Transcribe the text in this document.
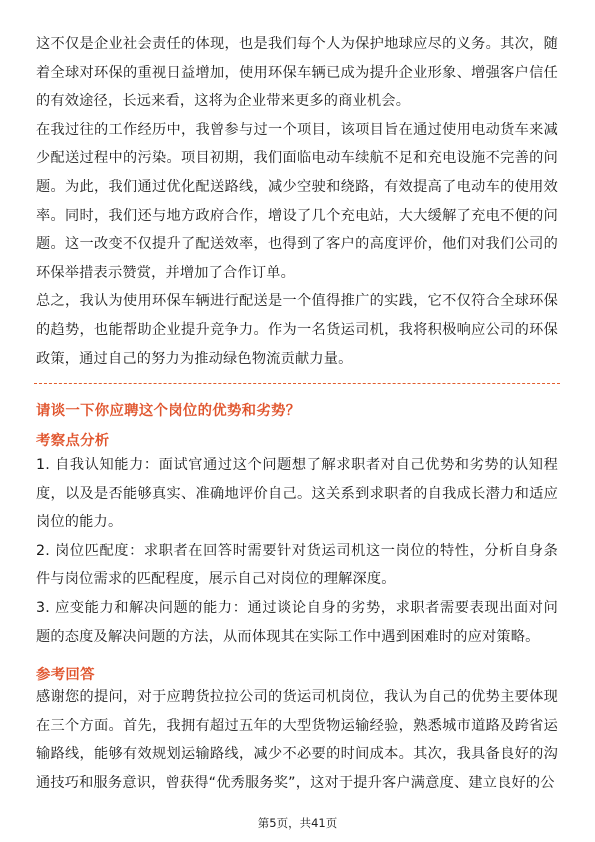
这不仅是企业社会责任的体现，也是我们每个人为保护地球应尽的义务。其次，随着全球对环保的重视日益增加，使用环保车辆已成为提升企业形象、增强客户信任的有效途径，长远来看，这将为企业带来更多的商业机会。

在我过往的工作经历中，我曾参与过一个项目，该项目旨在通过使用电动货车来减少配送过程中的污染。项目初期，我们面临电动车续航不足和充电设施不完善的问题。为此，我们通过优化配送路线，减少空驶和绕路，有效提高了电动车的使用效率。同时，我们还与地方政府合作，增设了几个充电站，大大缓解了充电不便的问题。这一改变不仅提升了配送效率，也得到了客户的高度评价，他们对我们公司的环保举措表示赞赏，并增加了合作订单。

总之，我认为使用环保车辆进行配送是一个值得推广的实践，它不仅符合全球环保的趋势，也能帮助企业提升竞争力。作为一名货运司机，我将积极响应公司的环保政策，通过自己的努力为推动绿色物流贡献力量。

请谈一下你应聘这个岗位的优势和劣势？
考察点分析

1. 自我认知能力：面试官通过这个问题想了解求职者对自己优势和劣势的认知程度，以及是否能够真实、准确地评价自己。这关系到求职者的自我成长潜力和适应岗位的能力。

2. 岗位匹配度：求职者在回答时需要针对货运司机这一岗位的特性，分析自身条件与岗位需求的匹配程度，展示自己对岗位的理解深度。

3. 应变能力和解决问题的能力：通过谈论自身的劣势，求职者需要表现出面对问题的态度及解决问题的方法，从而体现其在实际工作中遇到困难时的应对策略。

参考回答

感谢您的提问，对于应聘货拉拉公司的货运司机岗位，我认为自己的优势主要体现在三个方面。首先，我拥有超过五年的大型货物运输经验，熟悉城市道路及跨省运输路线，能够有效规划运输路线，减少不必要的时间成本。其次，我具备良好的沟通技巧和服务意识，曾获得“优秀服务奖”，这对于提升客户满意度、建立良好的公

第5页，共41页
